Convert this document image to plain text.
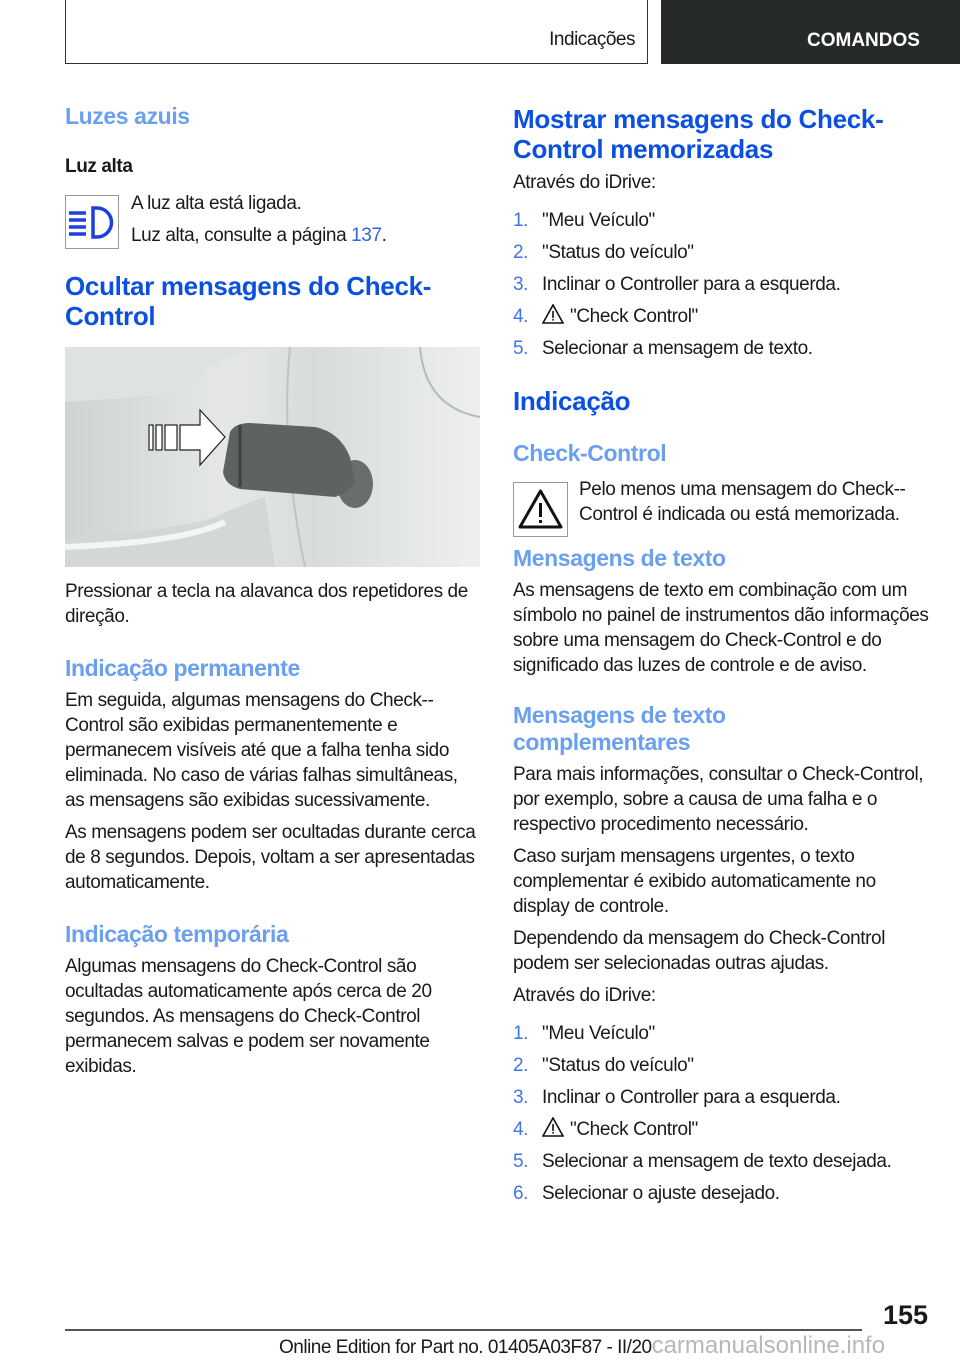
Indicações	COMANDOS
Luzes azuis
Luz alta

A luz alta está ligada.

Luz alta, consulte a página 137.

Ocultar mensagens do Check-Control

Pressionar a tecla na alavanca dos repetidores de direção.

Indicação permanente

Em seguida, algumas mensagens do Check--Control são exibidas permanentemente e permanecem visíveis até que a falha tenha sido eliminada. No caso de várias falhas simultâneas, as mensagens são exibidas sucessivamente.

As mensagens podem ser ocultadas durante cerca de 8 segundos. Depois, voltam a ser apresentadas automaticamente.

Indicação temporária

Algumas mensagens do Check-Control são ocultadas automaticamente após cerca de 20 segundos. As mensagens do Check-Control permanecem salvas e podem ser novamente exibidas.

Mostrar mensagens do Check-Control memorizadas

Através do iDrive:

1. "Meu Veículo"
2. "Status do veículo"
3. Inclinar o Controller para a esquerda.
4. "Check Control"
5. Selecionar a mensagem de texto.
Indicação
Check-Control

Pelo menos uma mensagem do Check--Control é indicada ou está memorizada.

Mensagens de texto

As mensagens de texto em combinação com um símbolo no painel de instrumentos dão informações sobre uma mensagem do Check-Control e do significado das luzes de controle e de aviso.

Mensagens de texto complementares

Para mais informações, consultar o Check-Control, por exemplo, sobre a causa de uma falha e o respectivo procedimento necessário.

Caso surjam mensagens urgentes, o texto complementar é exibido automaticamente no display de controle.

Dependendo da mensagem do Check-Control podem ser selecionadas outras ajudas.

Através do iDrive:

1. "Meu Veículo"
2. "Status do veículo"
3. Inclinar o Controller para a esquerda.
4. "Check Control"
5. Selecionar a mensagem de texto desejada.
6. Selecionar o ajuste desejado.
155
Online Edition for Part no. 01405A03F87 - II/20carmanualsonline.info
